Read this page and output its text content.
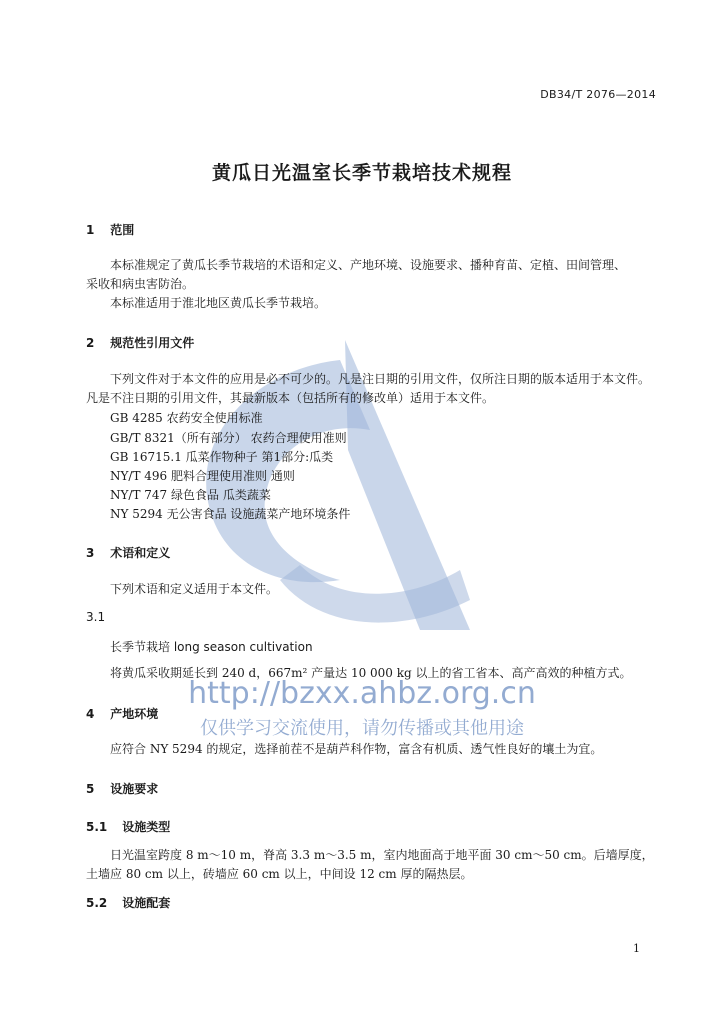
DB34/T 2076—2014
黄瓜日光温室长季节栽培技术规程
1 范围
本标准规定了黄瓜长季节栽培的术语和定义、产地环境、设施要求、播种育苗、定植、田间管理、
采收和病虫害防治。
本标准适用于淮北地区黄瓜长季节栽培。
2 规范性引用文件
下列文件对于本文件的应用是必不可少的。凡是注日期的引用文件，仅所注日期的版本适用于本文件。
凡是不注日期的引用文件，其最新版本（包括所有的修改单）适用于本文件。
GB 4285 农药安全使用标准
GB/T 8321（所有部分） 农药合理使用准则
GB 16715.1 瓜菜作物种子 第1部分:瓜类
NY/T 496 肥料合理使用准则 通则
NY/T 747 绿色食品 瓜类蔬菜
NY 5294 无公害食品 设施蔬菜产地环境条件
3 术语和定义
下列术语和定义适用于本文件。
3.1
长季节栽培 long season cultivation
将黄瓜采收期延长到 240 d，667m² 产量达 10 000 kg 以上的省工省本、高产高效的种植方式。
4 产地环境
应符合 NY 5294 的规定，选择前茬不是葫芦科作物，富含有机质、透气性良好的壤土为宜。
5 设施要求
5.1 设施类型
日光温室跨度 8 m～10 m，脊高 3.3 m～3.5 m，室内地面高于地平面 30 cm～50 cm。后墙厚度，
土墙应 80 cm 以上，砖墙应 60 cm 以上，中间设 12 cm 厚的隔热层。
5.2 设施配套
http://bzxx.ahbz.org.cn
仅供学习交流使用，请勿传播或其他用途
1
